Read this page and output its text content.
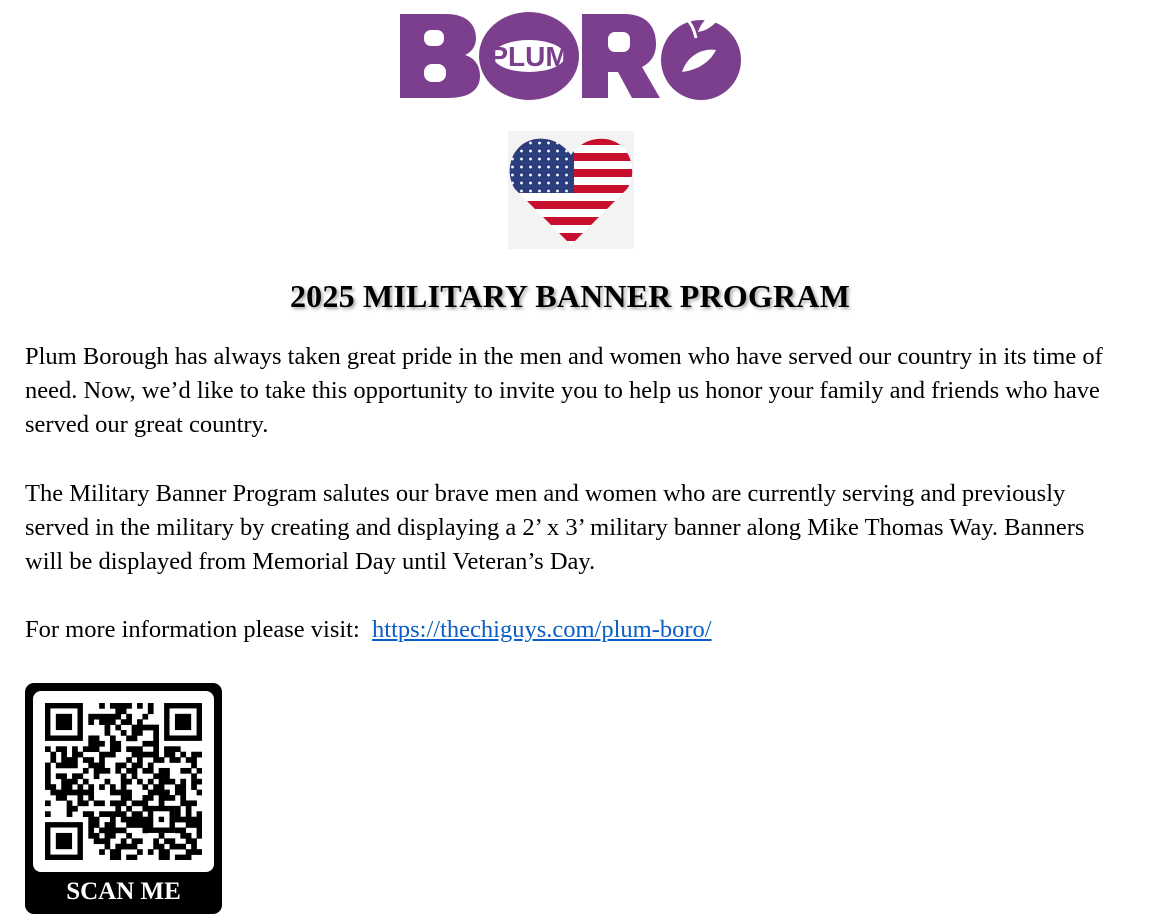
PLUM
2025 MILITARY BANNER PROGRAM

Plum Borough has always taken great pride in the men and women who have served our country in its time of need. Now, we’d like to take this opportunity to invite you to help us honor your family and friends who have served our great country.

The Military Banner Program salutes our brave men and women who are currently serving and previously served in the military by creating and displaying a 2’ x 3’ military banner along Mike Thomas Way. Banners will be displayed from Memorial Day until Veteran’s Day.

For more information please visit:  https://thechiguys.com/plum-boro/

SCAN ME
